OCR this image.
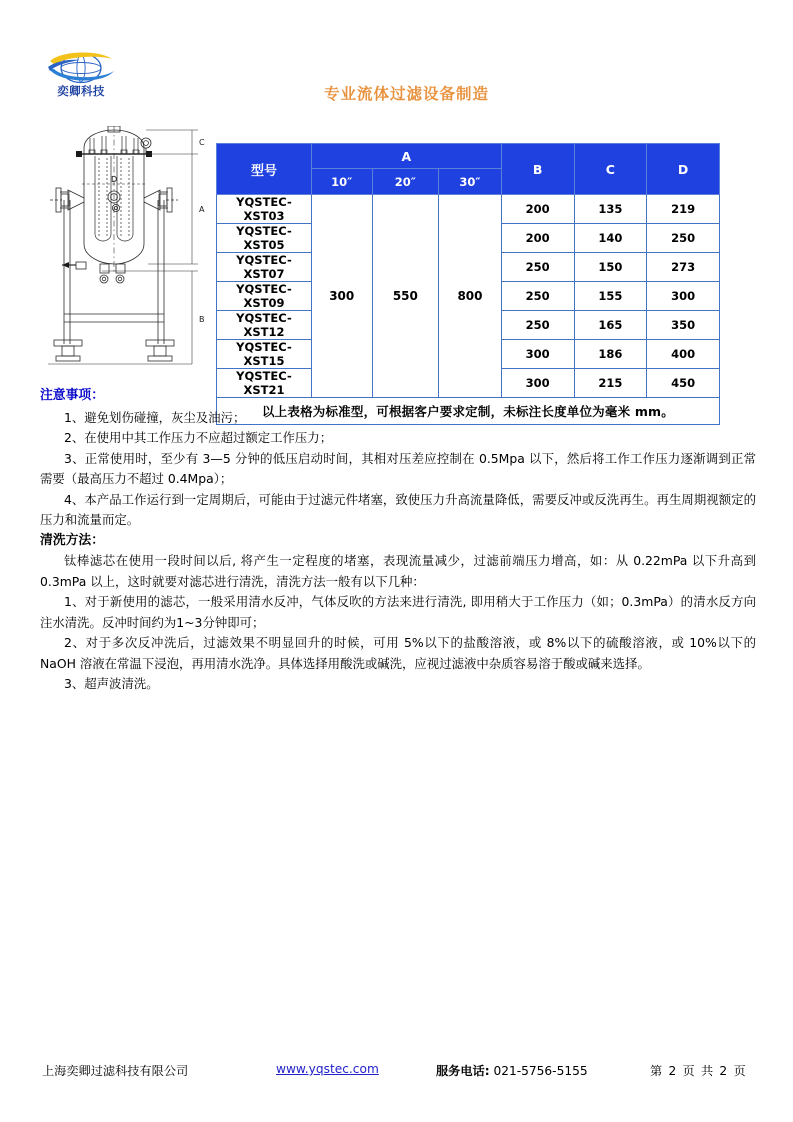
奕卿科技	专业流体过滤设备制造
C
A
B
D
型号	A			B	C	D
	10″	20″	30″			
YQSTEC-XST03	300	550	800	200	135	219
YQSTEC-XST05				200	140	250
YQSTEC-XST07				250	150	273
YQSTEC-XST09				250	155	300
YQSTEC-XST12				250	165	350
YQSTEC-XST15				300	186	400
YQSTEC-XST21				300	215	450
以上表格为标准型，可根据客户要求定制，未标注长度单位为毫米 mm。						
注意事项：

1、避免划伤碰撞，灰尘及油污；

2、在使用中其工作压力不应超过额定工作压力；

3、正常使用时，至少有 3—5 分钟的低压启动时间，其相对压差应控制在 0.5Mpa 以下，然后将工作工作压力逐渐调到正常需要（最高压力不超过 0.4Mpa）；

4、本产品工作运行到一定周期后，可能由于过滤元件堵塞，致使压力升高流量降低，需要反冲或反洗再生。再生周期视额定的压力和流量而定。

清洗方法：

钛棒滤芯在使用一段时间以后, 将产生一定程度的堵塞，表现流量减少，过滤前端压力增高，如：从 0.22mPa 以下升高到 0.3mPa 以上，这时就要对滤芯进行清洗，清洗方法一般有以下几种：

1、对于新使用的滤芯，一般采用清水反冲，气体反吹的方法来进行清洗, 即用稍大于工作压力（如；0.3mPa）的清水反方向注水清洗。反冲时间约为1~3分钟即可；

2、对于多次反冲洗后，过滤效果不明显回升的时候，可用 5%以下的盐酸溶液，或 8%以下的硫酸溶液，或 10%以下的NaOH 溶液在常温下浸泡，再用清水洗净。具体选择用酸洗或碱洗，应视过滤液中杂质容易溶于酸或碱来选择。

3、超声波清洗。

上海奕卿过滤科技有限公司	www.yqstec.com	服务电话: 021-5756-5155	第 2 页 共 2 页
